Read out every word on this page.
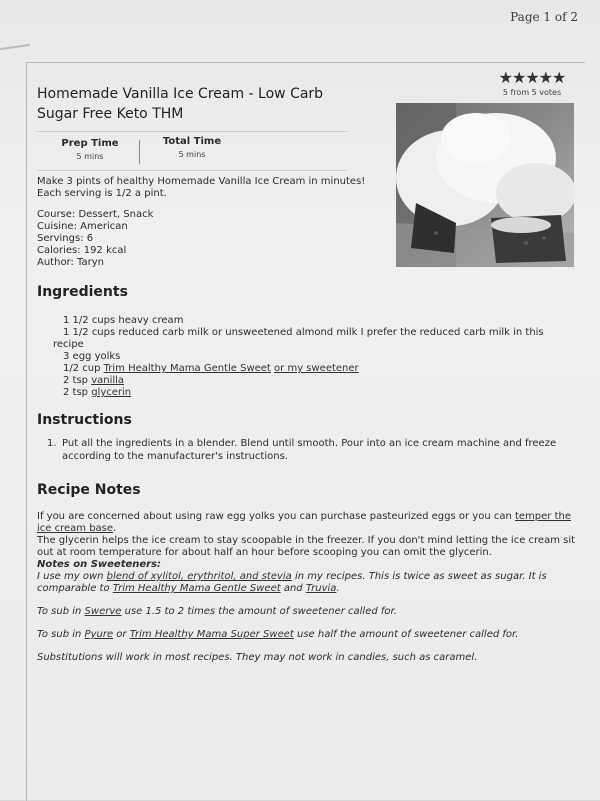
Page 1 of 2
Homemade Vanilla Ice Cream - Low Carb Sugar Free Keto THM
★★★★★
5 from 5 votes
Prep Time
5 mins
Total Time
5 mins
Make 3 pints of healthy Homemade Vanilla Ice Cream in minutes!
Each serving is 1/2 a pint.
Course: Dessert, Snack
Cuisine: American
Servings: 6
Calories: 192 kcal
Author: Taryn
Ingredients
1 1/2 cups heavy cream
1 1/2 cups reduced carb milk or unsweetened almond milk I prefer the reduced carb milk in this
recipe
3 egg yolks
1/2 cup Trim Healthy Mama Gentle Sweet or my sweetener
2 tsp vanilla
2 tsp glycerin
Instructions
1. Put all the ingredients in a blender. Blend until smooth. Pour into an ice cream machine and freeze
according to the manufacturer's instructions.
Recipe Notes

If you are concerned about using raw egg yolks you can purchase pasteurized eggs or you can temper the ice cream base.

The glycerin helps the ice cream to stay scoopable in the freezer. If you don't mind letting the ice cream sit out at room temperature for about half an hour before scooping you can omit the glycerin.

Notes on Sweeteners:

I use my own blend of xylitol, erythritol, and stevia in my recipes. This is twice as sweet as sugar. It is comparable to Trim Healthy Mama Gentle Sweet and Truvia.

To sub in Swerve use 1.5 to 2 times the amount of sweetener called for.

To sub in Pyure or Trim Healthy Mama Super Sweet use half the amount of sweetener called for.

Substitutions will work in most recipes. They may not work in candies, such as caramel.
